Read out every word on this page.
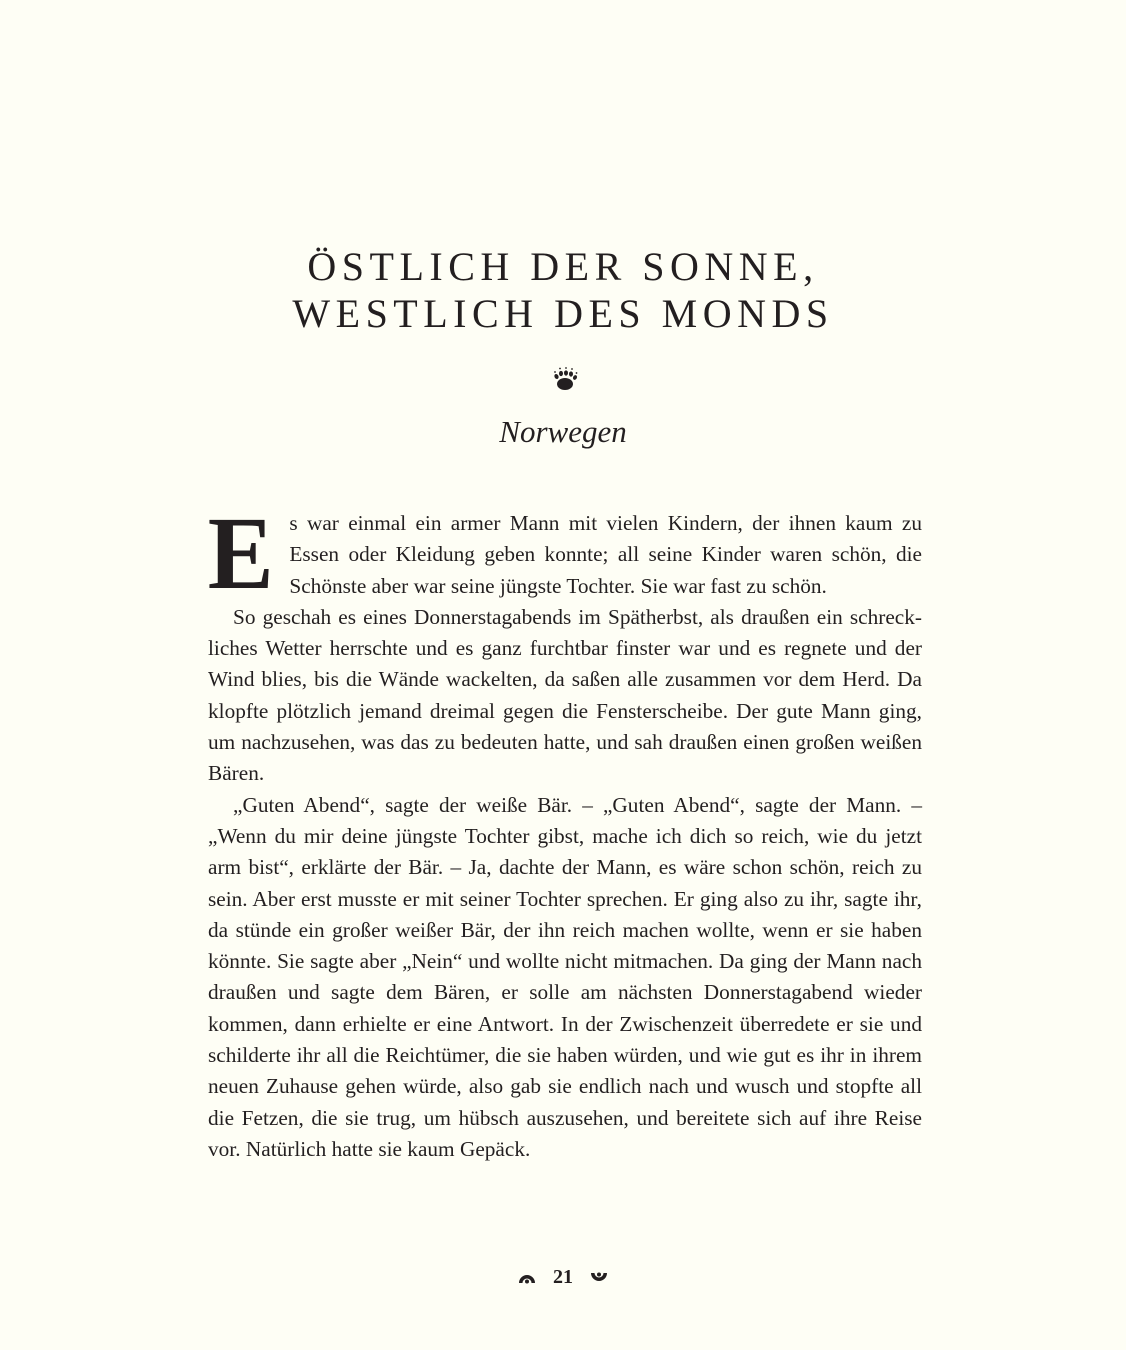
ÖSTLICH DER SONNE,
WESTLICH DES MONDS
Norwegen

Es war einmal ein armer Mann mit vielen Kindern, der ihnen kaum zu Essen oder Kleidung geben konnte; all seine Kinder waren schön, die Schönste aber war seine jüngste Tochter. Sie war fast zu schön.

So geschah es eines Donnerstagabends im Spätherbst, als draußen ein schreckliches Wetter herrschte und es ganz furchtbar finster war und es regnete und der Wind blies, bis die Wände wackelten, da saßen alle zusammen vor dem Herd. Da klopfte plötzlich jemand dreimal gegen die Fensterscheibe. Der gute Mann ging, um nachzusehen, was das zu bedeuten hatte, und sah draußen einen großen weißen Bären.

„Guten Abend“, sagte der weiße Bär. – „Guten Abend“, sagte der Mann. – „Wenn du mir deine jüngste Tochter gibst, mache ich dich so reich, wie du jetzt arm bist“, erklärte der Bär. – Ja, dachte der Mann, es wäre schon schön, reich zu sein. Aber erst musste er mit seiner Tochter sprechen. Er ging also zu ihr, sagte ihr, da stünde ein großer weißer Bär, der ihn reich machen wollte, wenn er sie haben könnte. Sie sagte aber „Nein“ und wollte nicht mitmachen. Da ging der Mann nach draußen und sagte dem Bären, er solle am nächsten Donnerstagabend wieder kommen, dann erhielte er eine Antwort. In der Zwischenzeit überredete er sie und schilderte ihr all die Reichtümer, die sie haben würden, und wie gut es ihr in ihrem neuen Zuhause gehen würde, also gab sie endlich nach und wusch und stopfte all die Fetzen, die sie trug, um hübsch auszusehen, und bereitete sich auf ihre Reise vor. Natürlich hatte sie kaum Gepäck.

21
